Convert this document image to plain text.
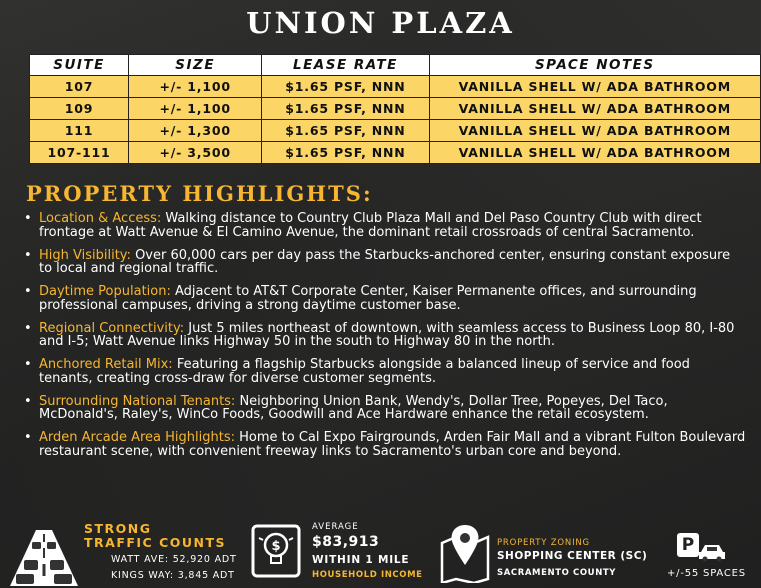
UNION PLAZA
SUITE	SIZE	LEASE RATE	SPACE NOTES
107	+/- 1,100	$1.65 PSF, NNN	VANILLA SHELL W/ ADA BATHROOM
109	+/- 1,100	$1.65 PSF, NNN	VANILLA SHELL W/ ADA BATHROOM
111	+/- 1,300	$1.65 PSF, NNN	VANILLA SHELL W/ ADA BATHROOM
107-111	+/- 3,500	$1.65 PSF, NNN	VANILLA SHELL W/ ADA BATHROOM
PROPERTY HIGHLIGHTS:
• Location & Access: Walking distance to Country Club Plaza Mall and Del Paso Country Club with direct frontage at Watt Avenue & El Camino Avenue, the dominant retail crossroads of central Sacramento.
• High Visibility: Over 60,000 cars per day pass the Starbucks-anchored center, ensuring constant exposure to local and regional traffic.
• Daytime Population: Adjacent to AT&T Corporate Center, Kaiser Permanente offices, and surrounding professional campuses, driving a strong daytime customer base.
• Regional Connectivity: Just 5 miles northeast of downtown, with seamless access to Business Loop 80, I-80 and I-5; Watt Avenue links Highway 50 in the south to Highway 80 in the north.
• Anchored Retail Mix: Featuring a flagship Starbucks alongside a balanced lineup of service and food tenants, creating cross-draw for diverse customer segments.
• Surrounding National Tenants: Neighboring Union Bank, Wendy's, Dollar Tree, Popeyes, Del Taco, McDonald's, Raley's, WinCo Foods, Goodwill and Ace Hardware enhance the retail ecosystem.
• Arden Arcade Area Highlights: Home to Cal Expo Fairgrounds, Arden Fair Mall and a vibrant Fulton Boulevard restaurant scene, with convenient freeway links to Sacramento's urban core and beyond.
STRONG
TRAFFIC COUNTS
WATT AVE: 52,920 ADT
KINGS WAY: 3,845 ADT
$
AVERAGE
$83,913
WITHIN 1 MILE
HOUSEHOLD INCOME
PROPERTY ZONING
SHOPPING CENTER (SC)
SACRAMENTO COUNTY
P
+/-55 SPACES
